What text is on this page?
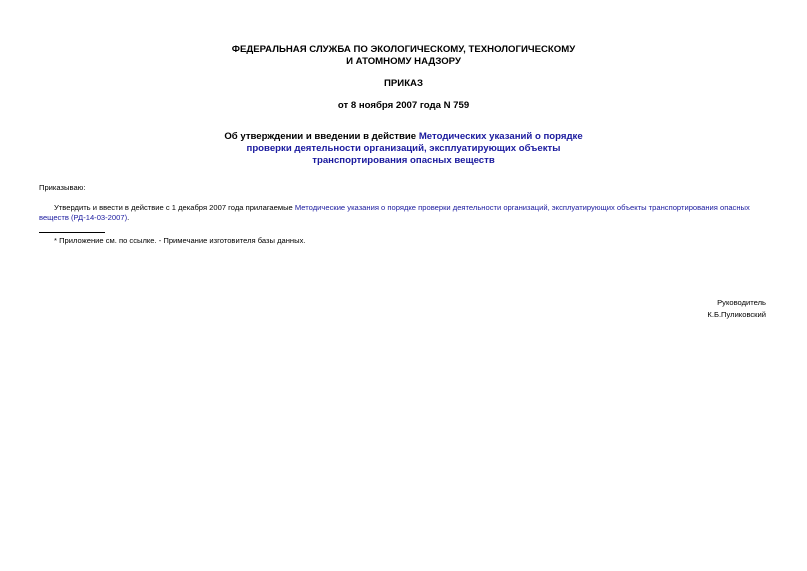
ФЕДЕРАЛЬНАЯ СЛУЖБА ПО ЭКОЛОГИЧЕСКОМУ, ТЕХНОЛОГИЧЕСКОМУ
И АТОМНОМУ НАДЗОРУ
ПРИКАЗ
от 8 ноября 2007 года N 759
Об утверждении и введении в действие Методических указаний о порядке
проверки деятельности организаций, эксплуатирующих объекты
транспортирования опасных веществ
Приказываю:
Утвердить и ввести в действие с 1 декабря 2007 года прилагаемые Методические указания о порядке проверки деятельности организаций, эксплуатирующих объекты транспортирования опасных веществ (РД-14-03-2007).
* Приложение см. по ссылке. - Примечание изготовителя базы данных.
Руководитель
К.Б.Пуликовский
